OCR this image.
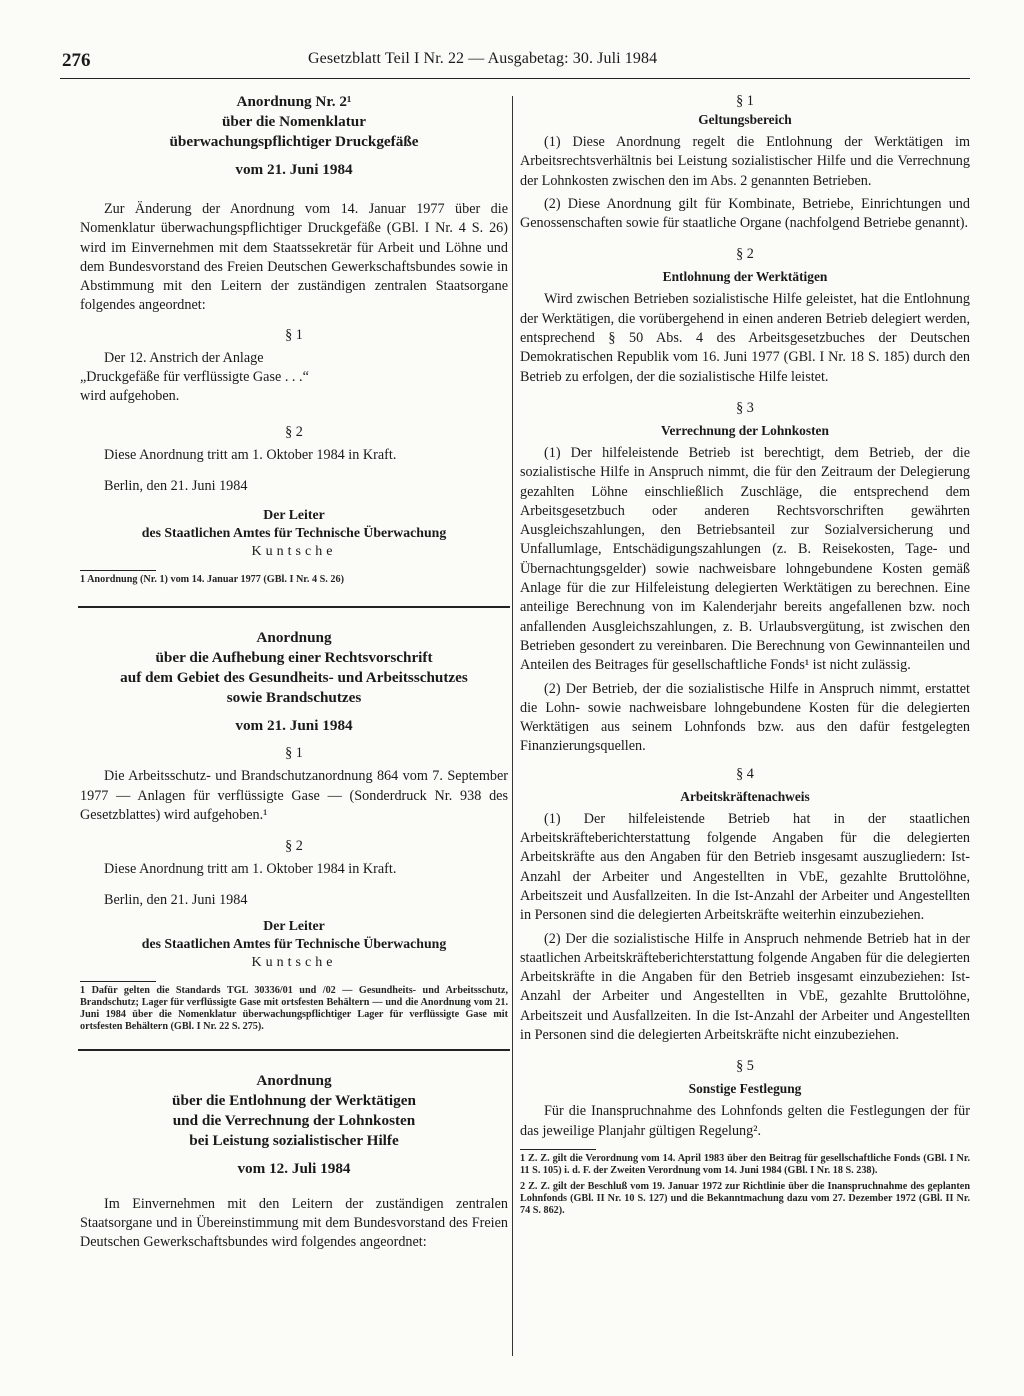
276	Gesetzblatt Teil I Nr. 22 — Ausgabetag: 30. Juli 1984
Anordnung Nr. 2¹
über die Nomenklatur
überwachungspflichtiger Druckgefäße
vom 21. Juni 1984

Zur Änderung der Anordnung vom 14. Januar 1977 über die Nomenklatur überwachungspflichtiger Druckgefäße (GBl. I Nr. 4 S. 26) wird im Einvernehmen mit dem Staatssekretär für Arbeit und Löhne und dem Bundesvorstand des Freien Deutschen Gewerkschaftsbundes sowie in Abstimmung mit den Leitern der zuständigen zentralen Staatsorgane folgendes angeordnet:

§ 1

Der 12. Anstrich der Anlage

„Druckgefäße für verflüssigte Gase . . .“

wird aufgehoben.

§ 2

Diese Anordnung tritt am 1. Oktober 1984 in Kraft.

Berlin, den 21. Juni 1984

Der Leiter
des Staatlichen Amtes für Technische Überwachung
Kuntsche

1 Anordnung (Nr. 1) vom 14. Januar 1977 (GBl. I Nr. 4 S. 26)

Anordnung
über die Aufhebung einer Rechtsvorschrift
auf dem Gebiet des Gesundheits- und Arbeitsschutzes
sowie Brandschutzes
vom 21. Juni 1984
§ 1

Die Arbeitsschutz- und Brandschutzanordnung 864 vom 7. September 1977 — Anlagen für verflüssigte Gase — (Sonderdruck Nr. 938 des Gesetzblattes) wird aufgehoben.¹

§ 2

Diese Anordnung tritt am 1. Oktober 1984 in Kraft.

Berlin, den 21. Juni 1984

Der Leiter
des Staatlichen Amtes für Technische Überwachung
Kuntsche

1 Dafür gelten die Standards TGL 30336/01 und /02 — Gesundheits- und Arbeitsschutz, Brandschutz; Lager für verflüssigte Gase mit ortsfesten Behältern — und die Anordnung vom 21. Juni 1984 über die Nomenklatur überwachungspflichtiger Lager für verflüssigte Gase mit ortsfesten Behältern (GBl. I Nr. 22 S. 275).

Anordnung
über die Entlohnung der Werktätigen
und die Verrechnung der Lohnkosten
bei Leistung sozialistischer Hilfe
vom 12. Juli 1984

Im Einvernehmen mit den Leitern der zuständigen zentralen Staatsorgane und in Übereinstimmung mit dem Bundesvorstand des Freien Deutschen Gewerkschaftsbundes wird folgendes angeordnet:

§ 1
Geltungsbereich

(1) Diese Anordnung regelt die Entlohnung der Werktätigen im Arbeitsrechtsverhältnis bei Leistung sozialistischer Hilfe und die Verrechnung der Lohnkosten zwischen den im Abs. 2 genannten Betrieben.

(2) Diese Anordnung gilt für Kombinate, Betriebe, Einrichtungen und Genossenschaften sowie für staatliche Organe (nachfolgend Betriebe genannt).

§ 2
Entlohnung der Werktätigen

Wird zwischen Betrieben sozialistische Hilfe geleistet, hat die Entlohnung der Werktätigen, die vorübergehend in einen anderen Betrieb delegiert werden, entsprechend § 50 Abs. 4 des Arbeitsgesetzbuches der Deutschen Demokratischen Republik vom 16. Juni 1977 (GBl. I Nr. 18 S. 185) durch den Betrieb zu erfolgen, der die sozialistische Hilfe leistet.

§ 3
Verrechnung der Lohnkosten

(1) Der hilfeleistende Betrieb ist berechtigt, dem Betrieb, der die sozialistische Hilfe in Anspruch nimmt, die für den Zeitraum der Delegierung gezahlten Löhne einschließlich Zuschläge, die entsprechend dem Arbeitsgesetzbuch oder anderen Rechtsvorschriften gewährten Ausgleichszahlungen, den Betriebsanteil zur Sozialversicherung und Unfallumlage, Entschädigungszahlungen (z. B. Reisekosten, Tage- und Übernachtungsgelder) sowie nachweisbare lohngebundene Kosten gemäß Anlage für die zur Hilfeleistung delegierten Werktätigen zu berechnen. Eine anteilige Berechnung von im Kalenderjahr bereits angefallenen bzw. noch anfallenden Ausgleichszahlungen, z. B. Urlaubsvergütung, ist zwischen den Betrieben gesondert zu vereinbaren. Die Berechnung von Gewinnanteilen und Anteilen des Beitrages für gesellschaftliche Fonds¹ ist nicht zulässig.

(2) Der Betrieb, der die sozialistische Hilfe in Anspruch nimmt, erstattet die Lohn- sowie nachweisbare lohngebundene Kosten für die delegierten Werktätigen aus seinem Lohnfonds bzw. aus den dafür festgelegten Finanzierungsquellen.

§ 4
Arbeitskräftenachweis

(1) Der hilfeleistende Betrieb hat in der staatlichen Arbeitskräfteberichterstattung folgende Angaben für die delegierten Arbeitskräfte aus den Angaben für den Betrieb insgesamt auszugliedern: Ist-Anzahl der Arbeiter und Angestellten in VbE, gezahlte Bruttolöhne, Arbeitszeit und Ausfallzeiten. In die Ist-Anzahl der Arbeiter und Angestellten in Personen sind die delegierten Arbeitskräfte weiterhin einzubeziehen.

(2) Der die sozialistische Hilfe in Anspruch nehmende Betrieb hat in der staatlichen Arbeitskräfteberichterstattung folgende Angaben für die delegierten Arbeitskräfte in die Angaben für den Betrieb insgesamt einzubeziehen: Ist-Anzahl der Arbeiter und Angestellten in VbE, gezahlte Bruttolöhne, Arbeitszeit und Ausfallzeiten. In die Ist-Anzahl der Arbeiter und Angestellten in Personen sind die delegierten Arbeitskräfte nicht einzubeziehen.

§ 5
Sonstige Festlegung

Für die Inanspruchnahme des Lohnfonds gelten die Festlegungen der für das jeweilige Planjahr gültigen Regelung².

1 Z. Z. gilt die Verordnung vom 14. April 1983 über den Beitrag für gesellschaftliche Fonds (GBl. I Nr. 11 S. 105) i. d. F. der Zweiten Verordnung vom 14. Juni 1984 (GBl. I Nr. 18 S. 238).

2 Z. Z. gilt der Beschluß vom 19. Januar 1972 zur Richtlinie über die Inanspruchnahme des geplanten Lohnfonds (GBl. II Nr. 10 S. 127) und die Bekanntmachung dazu vom 27. Dezember 1972 (GBl. II Nr. 74 S. 862).
